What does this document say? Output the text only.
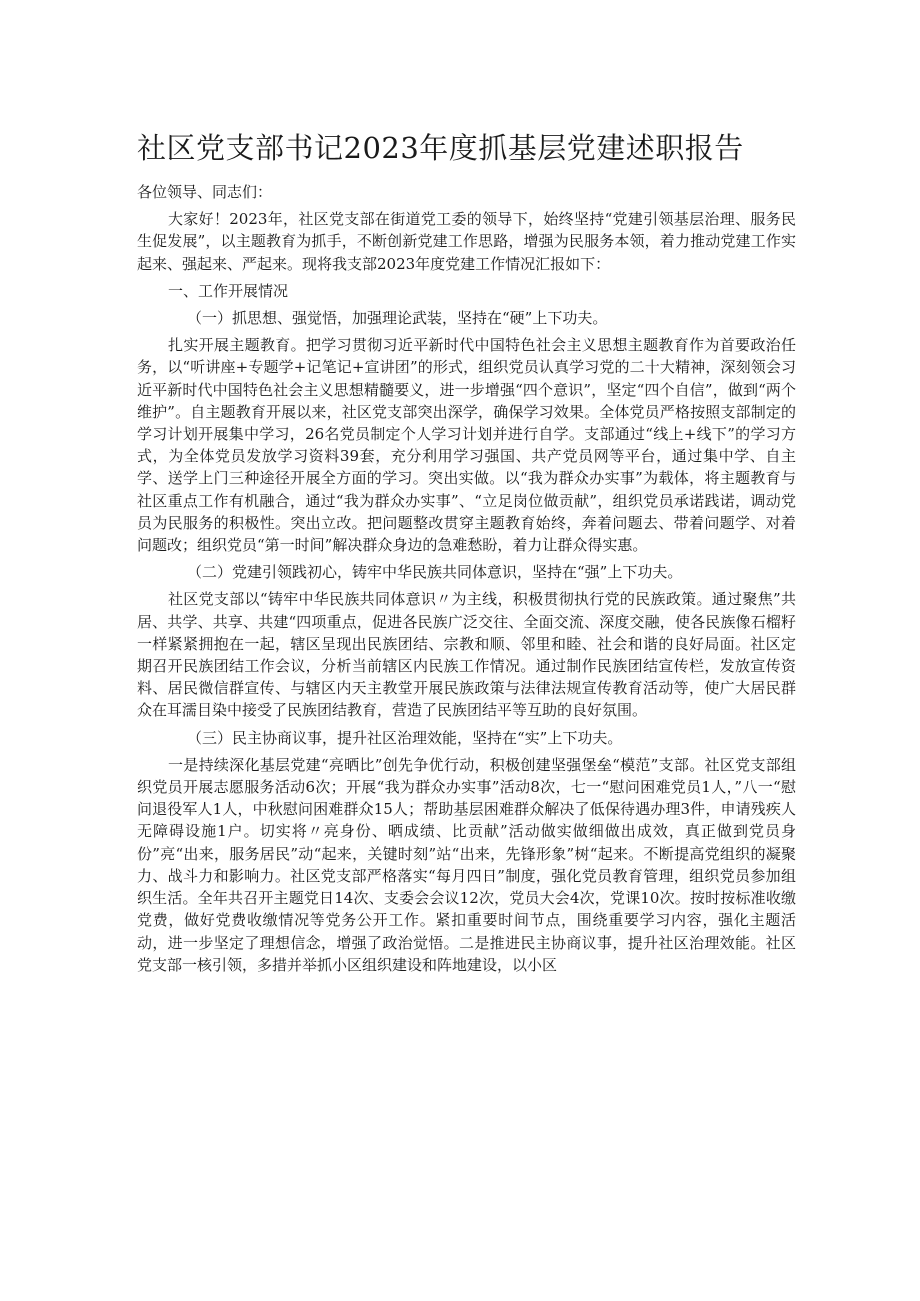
社区党支部书记2023年度抓基层党建述职报告

各位领导、同志们：

大家好！2023年，社区党支部在街道党工委的领导下，始终坚持“党建引领基层治理、服务民生促发展”，以主题教育为抓手，不断创新党建工作思路，增强为民服务本领，着力推动党建工作实起来、强起来、严起来。现将我支部2023年度党建工作情况汇报如下：

一、工作开展情况

（一）抓思想、强觉悟，加强理论武装，坚持在“硬”上下功夫。

扎实开展主题教育。把学习贯彻习近平新时代中国特色社会主义思想主题教育作为首要政治任务，以“听讲座+专题学+记笔记+宣讲团”的形式，组织党员认真学习党的二十大精神，深刻领会习近平新时代中国特色社会主义思想精髓要义，进一步增强“四个意识”，坚定“四个自信”，做到“两个维护”。自主题教育开展以来，社区党支部突出深学，确保学习效果。全体党员严格按照支部制定的学习计划开展集中学习，26名党员制定个人学习计划并进行自学。支部通过“线上+线下”的学习方式，为全体党员发放学习资料39套，充分利用学习强国、共产党员网等平台，通过集中学、自主学、送学上门三种途径开展全方面的学习。突出实做。以“我为群众办实事”为载体，将主题教育与社区重点工作有机融合，通过“我为群众办实事”、“立足岗位做贡献”，组织党员承诺践诺，调动党员为民服务的积极性。突出立改。把问题整改贯穿主题教育始终，奔着问题去、带着问题学、对着问题改；组织党员“第一时间”解决群众身边的急难愁盼，着力让群众得实惠。

（二）党建引领践初心，铸牢中华民族共同体意识，坚持在“强”上下功夫。

社区党支部以“铸牢中华民族共同体意识〃为主线，积极贯彻执行党的民族政策。通过聚焦”共居、共学、共享、共建“四项重点，促进各民族广泛交往、全面交流、深度交融，使各民族像石榴籽一样紧紧拥抱在一起，辖区呈现出民族团结、宗教和顺、邻里和睦、社会和谐的良好局面。社区定期召开民族团结工作会议，分析当前辖区内民族工作情况。通过制作民族团结宣传栏，发放宣传资料、居民微信群宣传、与辖区内天主教堂开展民族政策与法律法规宣传教育活动等，使广大居民群众在耳濡目染中接受了民族团结教育，营造了民族团结平等互助的良好氛围。

（三）民主协商议事，提升社区治理效能，坚持在“实”上下功夫。

一是持续深化基层党建“亮晒比”创先争优行动，积极创建坚强堡垒“模范”支部。社区党支部组织党员开展志愿服务活动6次；开展“我为群众办实事”活动8次，七一“慰问困难党员1人，”八一“慰问退役军人1人，中秋慰问困难群众15人；帮助基层困难群众解决了低保待遇办理3件，申请残疾人无障碍设施1户。切实将〃亮身份、晒成绩、比贡献”活动做实做细做出成效，真正做到党员身份”亮“出来，服务居民”动“起来，关键时刻”站“出来，先锋形象”树“起来。不断提高党组织的凝聚力、战斗力和影响力。社区党支部严格落实“每月四日”制度，强化党员教育管理，组织党员参加组织生活。全年共召开主题党日14次、支委会会议12次，党员大会4次，党课10次。按时按标准收缴党费，做好党费收缴情况等党务公开工作。紧扣重要时间节点，围绕重要学习内容，强化主题活动，进一步坚定了理想信念，增强了政治觉悟。二是推进民主协商议事，提升社区治理效能。社区党支部一核引领，多措并举抓小区组织建设和阵地建设，以小区
